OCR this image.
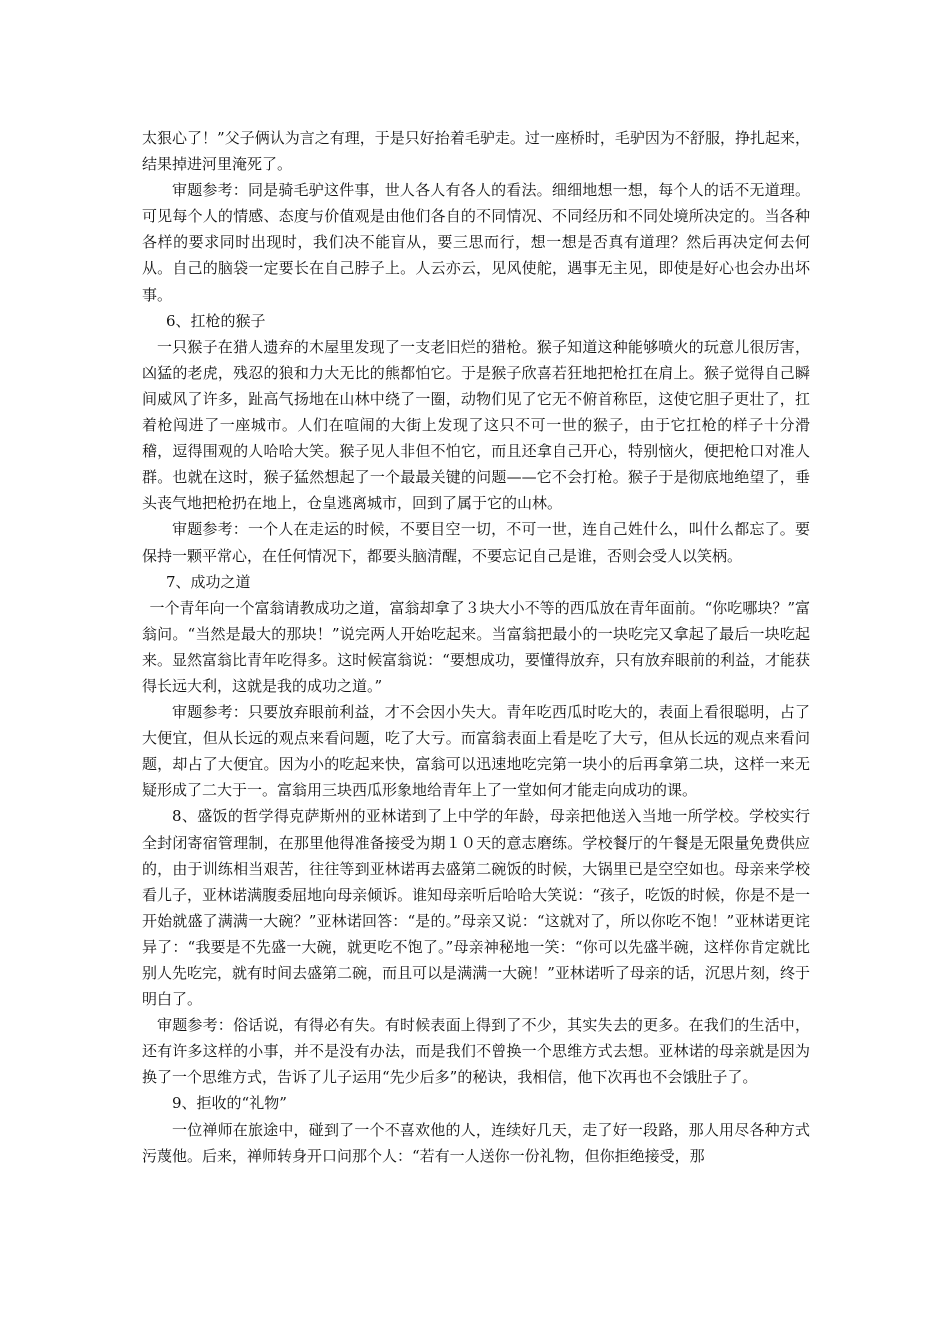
太狠心了！”父子俩认为言之有理，于是只好抬着毛驴走。过一座桥时，毛驴因为不舒服，挣扎起来，结果掉进河里淹死了。

审题参考：同是骑毛驴这件事，世人各人有各人的看法。细细地想一想，每个人的话不无道理。可见每个人的情感、态度与价值观是由他们各自的不同情况、不同经历和不同处境所决定的。当各种各样的要求同时出现时，我们决不能盲从，要三思而行，想一想是否真有道理？然后再决定何去何从。自己的脑袋一定要长在自己脖子上。人云亦云，见风使舵，遇事无主见，即使是好心也会办出坏事。

6、扛枪的猴子

一只猴子在猎人遗弃的木屋里发现了一支老旧烂的猎枪。猴子知道这种能够喷火的玩意儿很厉害，凶猛的老虎，残忍的狼和力大无比的熊都怕它。于是猴子欣喜若狂地把枪扛在肩上。猴子觉得自己瞬间威风了许多，趾高气扬地在山林中绕了一圈，动物们见了它无不俯首称臣，这使它胆子更壮了，扛着枪闯进了一座城市。人们在喧闹的大街上发现了这只不可一世的猴子，由于它扛枪的样子十分滑稽，逗得围观的人哈哈大笑。猴子见人非但不怕它，而且还拿自己开心，特别恼火，便把枪口对准人群。也就在这时，猴子猛然想起了一个最最关键的问题——它不会打枪。猴子于是彻底地绝望了，垂头丧气地把枪扔在地上，仓皇逃离城市，回到了属于它的山林。

审题参考：一个人在走运的时候，不要目空一切，不可一世，连自己姓什么，叫什么都忘了。要保持一颗平常心，在任何情况下，都要头脑清醒，不要忘记自己是谁，否则会受人以笑柄。

7、成功之道

一个青年向一个富翁请教成功之道，富翁却拿了３块大小不等的西瓜放在青年面前。“你吃哪块？”富翁问。“当然是最大的那块！”说完两人开始吃起来。当富翁把最小的一块吃完又拿起了最后一块吃起来。显然富翁比青年吃得多。这时候富翁说：“要想成功，要懂得放弃，只有放弃眼前的利益，才能获得长远大利，这就是我的成功之道。”

审题参考：只要放弃眼前利益，才不会因小失大。青年吃西瓜时吃大的，表面上看很聪明，占了大便宜，但从长远的观点来看问题，吃了大亏。而富翁表面上看是吃了大亏，但从长远的观点来看问题，却占了大便宜。因为小的吃起来快，富翁可以迅速地吃完第一块小的后再拿第二块，这样一来无疑形成了二大于一。富翁用三块西瓜形象地给青年上了一堂如何才能走向成功的课。

8、盛饭的哲学得克萨斯州的亚林诺到了上中学的年龄，母亲把他送入当地一所学校。学校实行全封闭寄宿管理制，在那里他得准备接受为期１０天的意志磨练。学校餐厅的午餐是无限量免费供应的，由于训练相当艰苦，往往等到亚林诺再去盛第二碗饭的时候，大锅里已是空空如也。母亲来学校看儿子，亚林诺满腹委屈地向母亲倾诉。谁知母亲听后哈哈大笑说：“孩子，吃饭的时候，你是不是一开始就盛了满满一大碗？”亚林诺回答：“是的。”母亲又说：“这就对了，所以你吃不饱！”亚林诺更诧异了：“我要是不先盛一大碗，就更吃不饱了。”母亲神秘地一笑：“你可以先盛半碗，这样你肯定就比别人先吃完，就有时间去盛第二碗，而且可以是满满一大碗！”亚林诺听了母亲的话，沉思片刻，终于明白了。

审题参考：俗话说，有得必有失。有时候表面上得到了不少，其实失去的更多。在我们的生活中，还有许多这样的小事，并不是没有办法，而是我们不曾换一个思维方式去想。亚林诺的母亲就是因为换了一个思维方式，告诉了儿子运用“先少后多”的秘诀，我相信，他下次再也不会饿肚子了。

9、拒收的“礼物”

一位禅师在旅途中，碰到了一个不喜欢他的人，连续好几天，走了好一段路，那人用尽各种方式污蔑他。后来，禅师转身开口问那个人：“若有一人送你一份礼物，但你拒绝接受，那
